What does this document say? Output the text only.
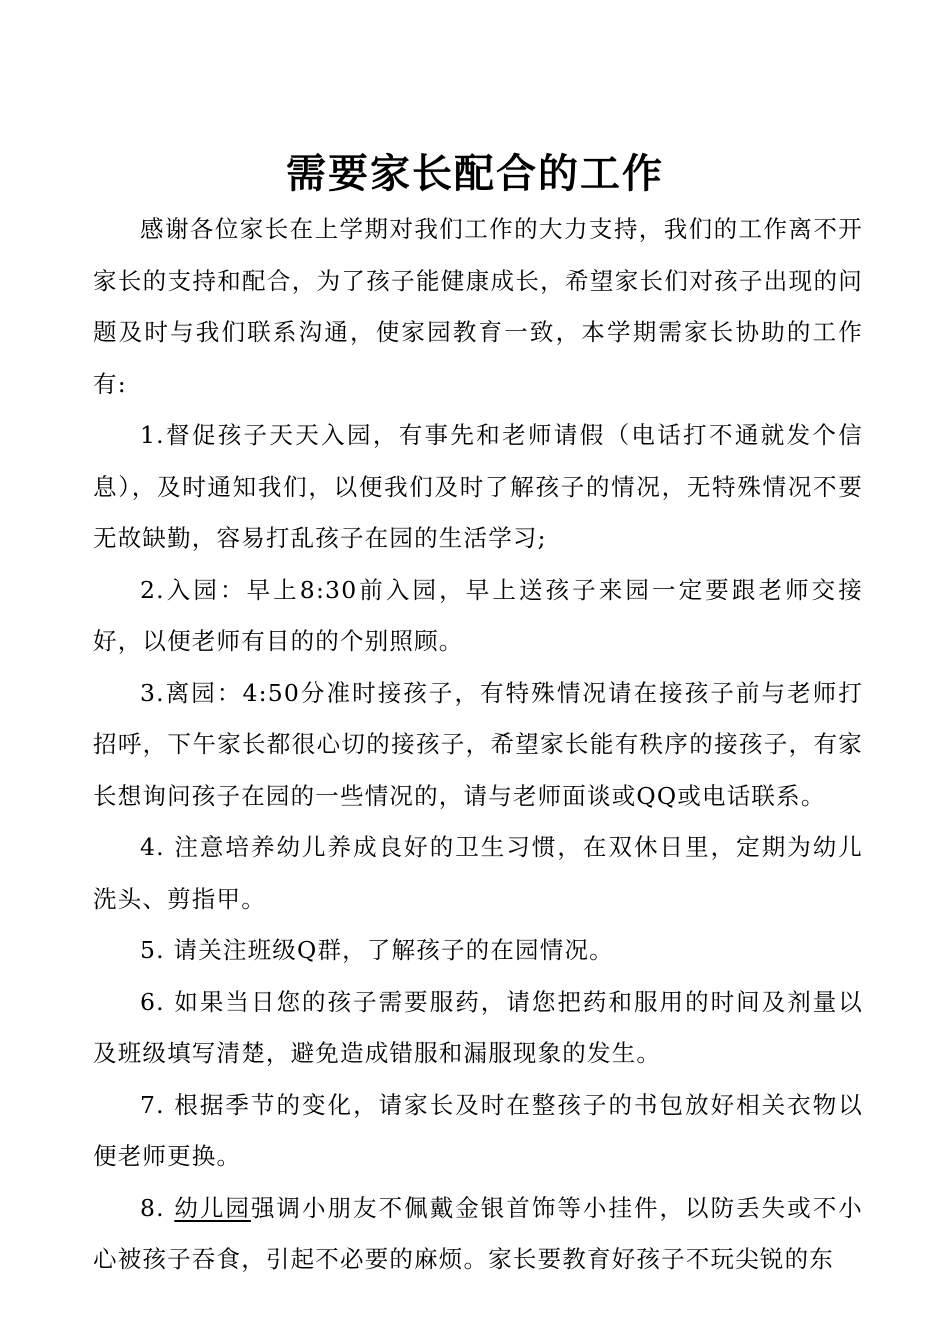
需要家长配合的工作

感谢各位家长在上学期对我们工作的大力支持，我们的工作离不开家长的支持和配合，为了孩子能健康成长，希望家长们对孩子出现的问题及时与我们联系沟通，使家园教育一致，本学期需家长协助的工作有:

1.督促孩子天天入园，有事先和老师请假（电话打不通就发个信息），及时通知我们，以便我们及时了解孩子的情况，无特殊情况不要无故缺勤，容易打乱孩子在园的生活学习;

2.入园：早上8:30前入园，早上送孩子来园一定要跟老师交接好，以便老师有目的的个别照顾。

3.离园：4:50分准时接孩子，有特殊情况请在接孩子前与老师打招呼，下午家长都很心切的接孩子，希望家长能有秩序的接孩子，有家长想询问孩子在园的一些情况的，请与老师面谈或QQ或电话联系。

4. 注意培养幼儿养成良好的卫生习惯，在双休日里，定期为幼儿洗头、剪指甲。

5. 请关注班级Q群，了解孩子的在园情况。

6. 如果当日您的孩子需要服药，请您把药和服用的时间及剂量以及班级填写清楚，避免造成错服和漏服现象的发生。

7. 根据季节的变化，请家长及时在整孩子的书包放好相关衣物以便老师更换。

8. 幼儿园强调小朋友不佩戴金银首饰等小挂件，以防丢失或不小心被孩子吞食，引起不必要的麻烦。家长要教育好孩子不玩尖锐的东
